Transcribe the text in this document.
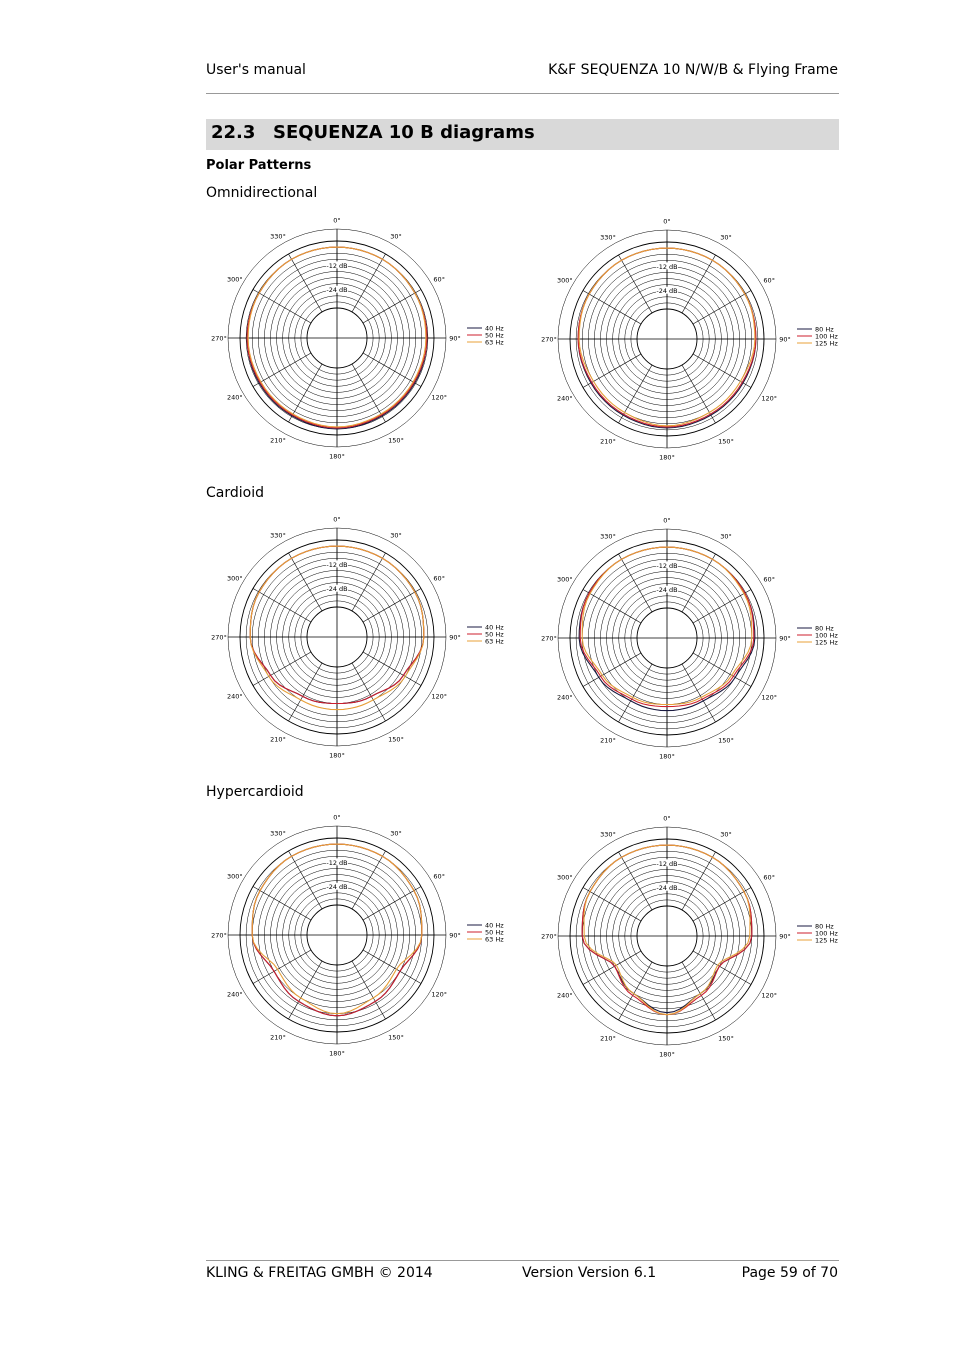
User's manual	K&F SEQUENZA 10 N/W/B & Flying Frame
22.3 SEQUENZA 10 B diagrams
Polar Patterns
Omnidirectional
Cardioid
Hypercardioid
0°
30°
60°
90°
120°
150°
180°
210°
240°
270°
300°
330°
-12 dB
-24 dB
40 Hz
50 Hz
63 Hz
0°
30°
60°
90°
120°
150°
180°
210°
240°
270°
300°
330°
-12 dB
-24 dB
80 Hz
100 Hz
125 Hz
0°
30°
60°
90°
120°
150°
180°
210°
240°
270°
300°
330°
-12 dB
-24 dB
40 Hz
50 Hz
63 Hz
0°
30°
60°
90°
120°
150°
180°
210°
240°
270°
300°
330°
-12 dB
-24 dB
80 Hz
100 Hz
125 Hz
0°
30°
60°
90°
120°
150°
180°
210°
240°
270°
300°
330°
-12 dB
-24 dB
40 Hz
50 Hz
63 Hz
0°
30°
60°
90°
120°
150°
180°
210°
240°
270°
300°
330°
-12 dB
-24 dB
80 Hz
100 Hz
125 Hz
KLING & FREITAG GMBH © 2014	Version Version 6.1	Page 59 of 70
